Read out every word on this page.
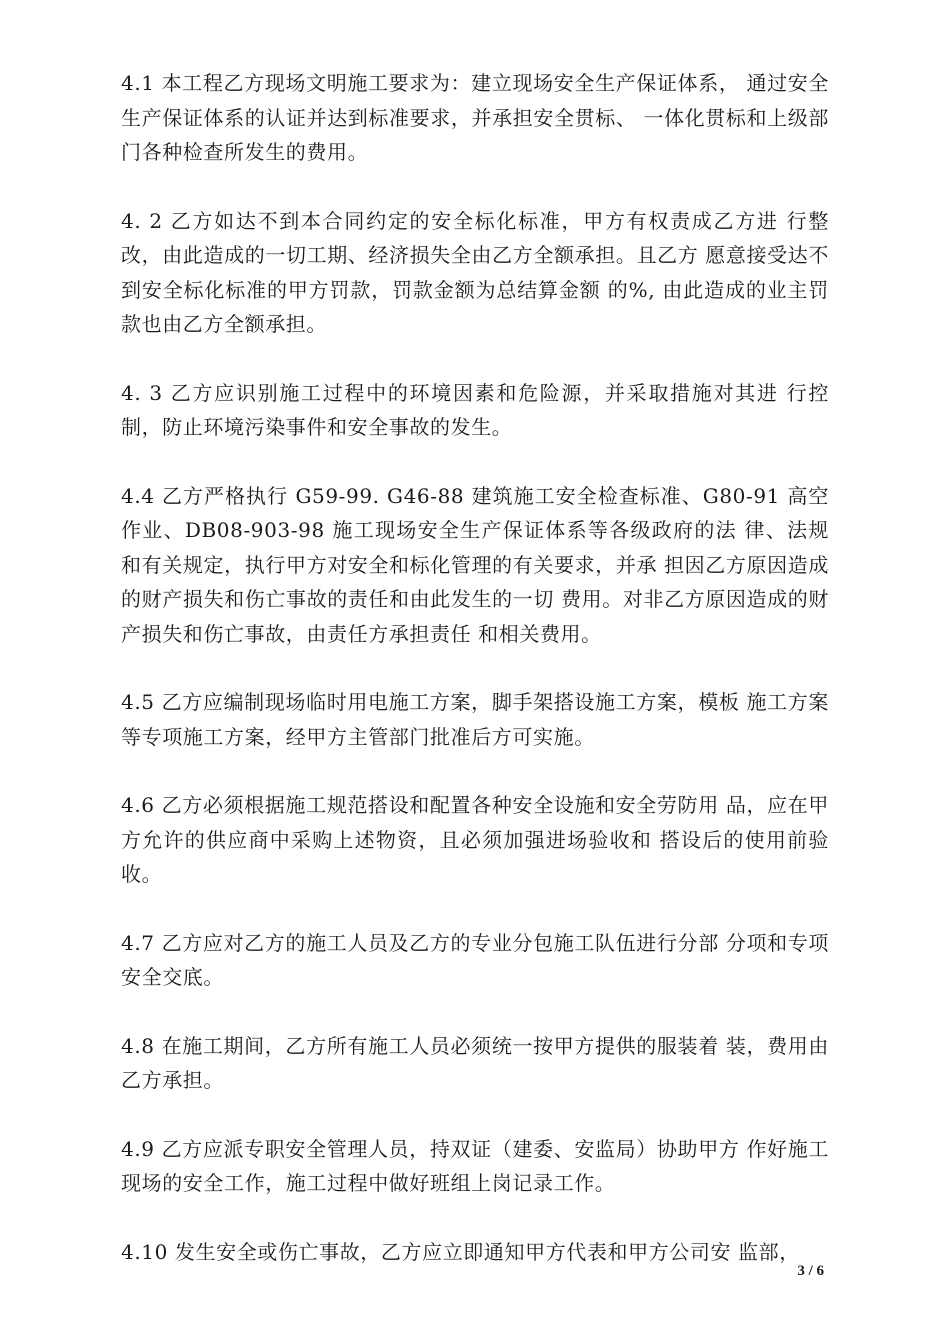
4.1 本工程乙方现场文明施工要求为：建立现场安全生产保证体系， 通过安全生产保证体系的认证并达到标准要求，并承担安全贯标、 一体化贯标和上级部门各种检查所发生的费用。

4. 2 乙方如达不到本合同约定的安全标化标准，甲方有权责成乙方进 行整改，由此造成的一切工期、经济损失全由乙方全额承担。且乙方 愿意接受达不到安全标化标准的甲方罚款，罚款金额为总结算金额 的%, 由此造成的业主罚款也由乙方全额承担。

4. 3 乙方应识别施工过程中的环境因素和危险源，并采取措施对其进 行控制，防止环境污染事件和安全事故的发生。

4.4 乙方严格执行 G59-99. G46-88 建筑施工安全检查标准、G80-91 高空作业、DB08-903-98 施工现场安全生产保证体系等各级政府的法 律、法规和有关规定，执行甲方对安全和标化管理的有关要求，并承 担因乙方原因造成的财产损失和伤亡事故的责任和由此发生的一切 费用。对非乙方原因造成的财产损失和伤亡事故，由责任方承担责任 和相关费用。

4.5 乙方应编制现场临时用电施工方案，脚手架搭设施工方案，模板 施工方案等专项施工方案，经甲方主管部门批准后方可实施。

4.6 乙方必须根据施工规范搭设和配置各种安全设施和安全劳防用 品，应在甲方允许的供应商中采购上述物资，且必须加强进场验收和 搭设后的使用前验收。

4.7 乙方应对乙方的施工人员及乙方的专业分包施工队伍进行分部 分项和专项安全交底。

4.8 在施工期间，乙方所有施工人员必须统一按甲方提供的服装着 装，费用由乙方承担。

4.9 乙方应派专职安全管理人员，持双证（建委、安监局）协助甲方 作好施工现场的安全工作，施工过程中做好班组上岗记录工作。

4.10 发生安全或伤亡事故，乙方应立即通知甲方代表和甲方公司安 监部，

3 / 6
